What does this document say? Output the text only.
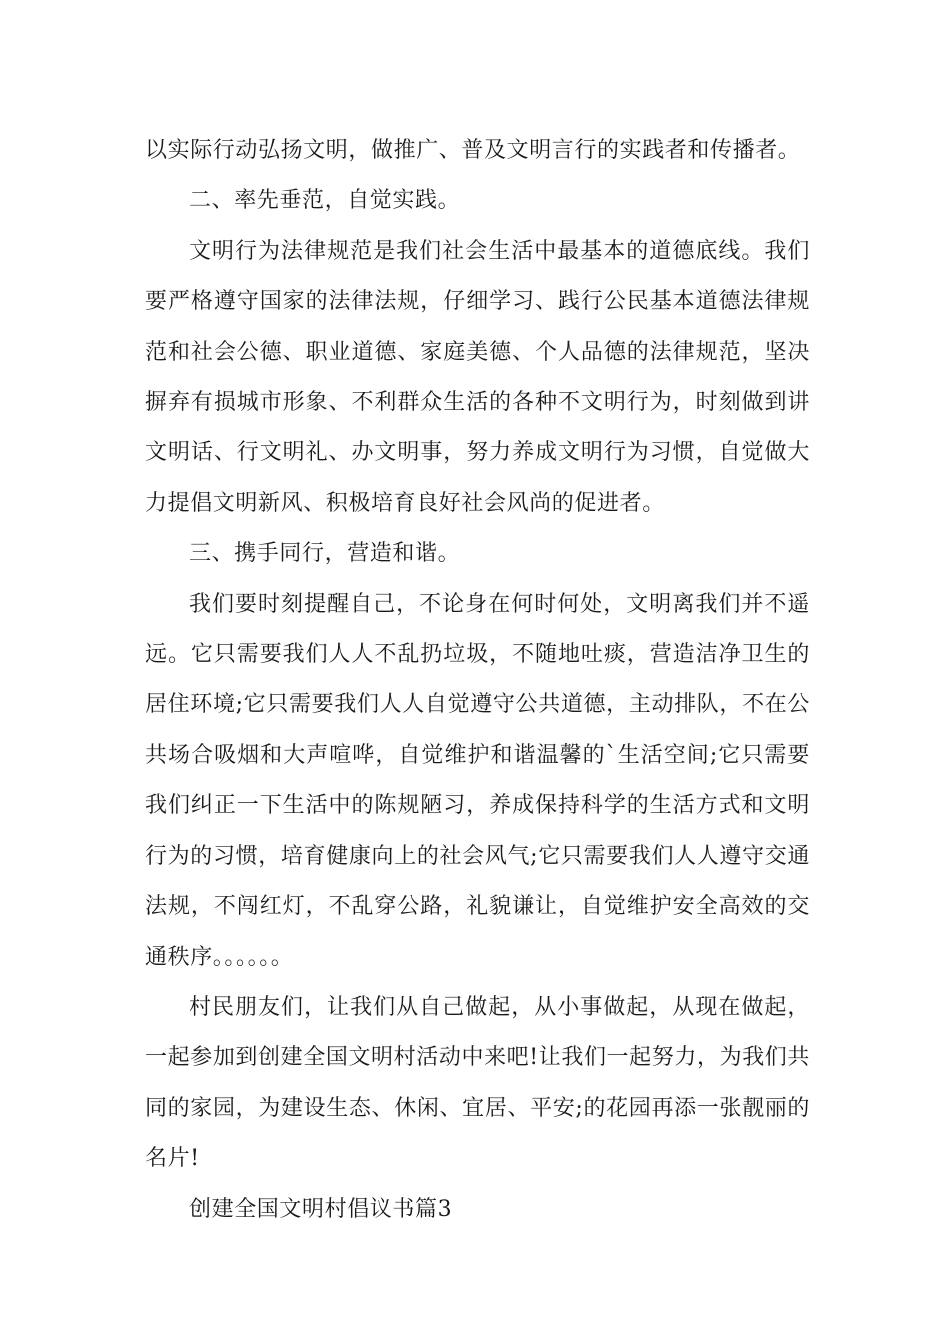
以实际行动弘扬文明，做推广、普及文明言行的实践者和传播者。

二、率先垂范，自觉实践。

文明行为法律规范是我们社会生活中最基本的道德底线。我们要严格遵守国家的法律法规，仔细学习、践行公民基本道德法律规范和社会公德、职业道德、家庭美德、个人品德的法律规范，坚决摒弃有损城市形象、不利群众生活的各种不文明行为，时刻做到讲文明话、行文明礼、办文明事，努力养成文明行为习惯，自觉做大力提倡文明新风、积极培育良好社会风尚的促进者。

三、携手同行，营造和谐。

我们要时刻提醒自己，不论身在何时何处，文明离我们并不遥远。它只需要我们人人不乱扔垃圾，不随地吐痰，营造洁净卫生的居住环境;它只需要我们人人自觉遵守公共道德，主动排队，不在公共场合吸烟和大声喧哗，自觉维护和谐温馨的`生活空间;它只需要我们纠正一下生活中的陈规陋习，养成保持科学的生活方式和文明行为的习惯，培育健康向上的社会风气;它只需要我们人人遵守交通法规，不闯红灯，不乱穿公路，礼貌谦让，自觉维护安全高效的交通秩序。。。。。。

村民朋友们，让我们从自己做起，从小事做起，从现在做起，一起参加到创建全国文明村活动中来吧!让我们一起努力，为我们共同的家园，为建设生态、休闲、宜居、平安;的花园再添一张靓丽的名片!

创建全国文明村倡议书篇3
